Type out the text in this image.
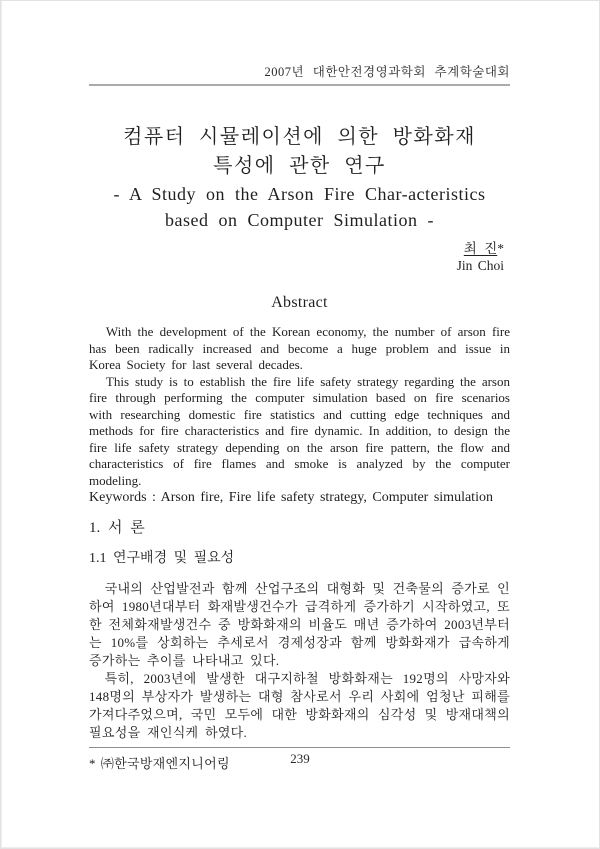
2007년 대한안전경영과학회 추계학술대회
컴퓨터 시뮬레이션에 의한 방화화재
특성에 관한 연구
- A Study on the Arson Fire Char-acteristics
based on Computer Simulation -
최 진*
Jin Choi
Abstract

With the development of the Korean economy, the number of arson fire has been radically increased and become a huge problem and issue in Korea Society for last several decades.

This study is to establish the fire life safety strategy regarding the arson fire through performing the computer simulation based on fire scenarios with researching domestic fire statistics and cutting edge techniques and methods for fire characteristics and fire dynamic. In addition, to design the fire life safety strategy depending on the arson fire pattern, the flow and characteristics of fire flames and smoke is analyzed by the computer modeling.

Keywords : Arson fire, Fire life safety strategy, Computer simulation

1. 서 론
1.1 연구배경 및 필요성

국내의 산업발전과 함께 산업구조의 대형화 및 건축물의 증가로 인하여 1980년대부터 화재발생건수가 급격하게 증가하기 시작하였고, 또한 전체화재발생건수 중 방화화재의 비율도 매년 증가하여 2003년부터는 10%를 상회하는 추세로서 경제성장과 함께 방화화재가 급속하게 증가하는 추이를 나타내고 있다.

특히, 2003년에 발생한 대구지하철 방화화재는 192명의 사망자와 148명의 부상자가 발생하는 대형 참사로서 우리 사회에 엄청난 피해를 가져다주었으며, 국민 모두에 대한 방화화재의 심각성 및 방재대책의 필요성을 재인식케 하였다.

* ㈜한국방재엔지니어링	239
